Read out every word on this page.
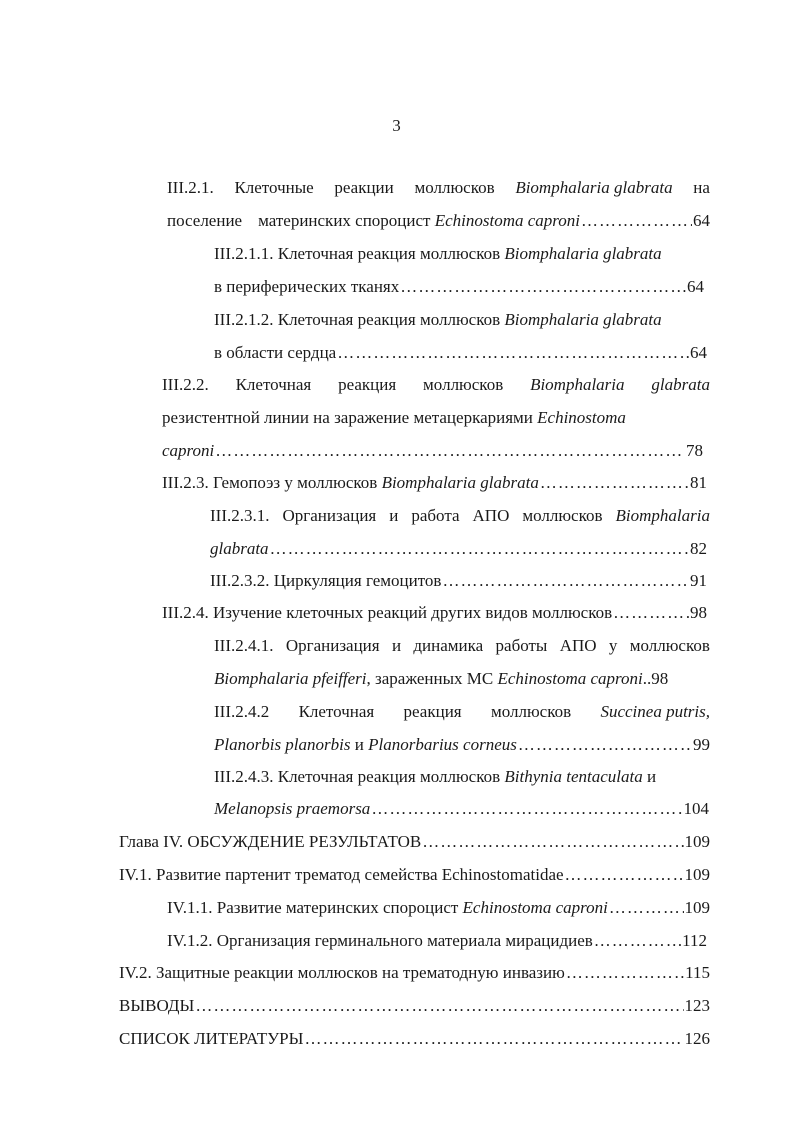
3
III.2.1. Клеточные реакции моллюсков Biomphalaria glabrata на
поселение материнских спороцист Echinostoma caproni ……………………………………………………………………………………………………………………………………………………………………	64
III.2.1.1. Клеточная реакция моллюсков Biomphalaria glabrata
в периферических тканях ……………………………………………………………………………………………………………………………………………………………………	64
III.2.1.2. Клеточная реакция моллюсков Biomphalaria glabrata
в области сердца ……………………………………………………………………………………………………………………………………………………………………	64
III.2.2. Клеточная реакция моллюсков Biomphalaria glabrata
резистентной линии на заражение метацеркариями Echinostoma
caproni ……………………………………………………………………………………………………………………………………………………………………	78
III.2.3. Гемопоэз у моллюсков Biomphalaria glabrata ……………………………………………………………………………………………………………………………………………………………………	81
III.2.3.1. Организация и работа АПО моллюсков Biomphalaria
glabrata ……………………………………………………………………………………………………………………………………………………………………	82
III.2.3.2. Циркуляция гемоцитов ……………………………………………………………………………………………………………………………………………………………………	91
III.2.4. Изучение клеточных реакций других видов моллюсков ……………………………………………………………………………………………………………………………………………………………………	98
III.2.4.1. Организация и динамика работы АПО у моллюсков
Biomphalaria pfeifferi, зараженных МС Echinostoma caproni..98
III.2.4.2 Клеточная реакция моллюсков Succinea putris,
Planorbis planorbis и Planorbarius corneus ……………………………………………………………………………………………………………………………………………………………………	99
III.2.4.3. Клеточная реакция моллюсков Bithynia tentaculata и
Melanopsis praemorsa ……………………………………………………………………………………………………………………………………………………………………	104
Глава IV. ОБСУЖДЕНИЕ РЕЗУЛЬТАТОВ ……………………………………………………………………………………………………………………………………………………………………	109
IV.1. Развитие партенит трематод семейства Echinostomatidae ……………………………………………………………………………………………………………………………………………………………………	109
IV.1.1. Развитие материнских спороцист Echinostoma caproni ……………………………………………………………………………………………………………………………………………………………………	109
IV.1.2. Организация герминального материала мирацидиев ……………………………………………………………………………………………………………………………………………………………………	112
IV.2. Защитные реакции моллюсков на трематодную инвазию ……………………………………………………………………………………………………………………………………………………………………	115
ВЫВОДЫ ……………………………………………………………………………………………………………………………………………………………………	123
СПИСОК ЛИТЕРАТУРЫ ……………………………………………………………………………………………………………………………………………………………………	126
